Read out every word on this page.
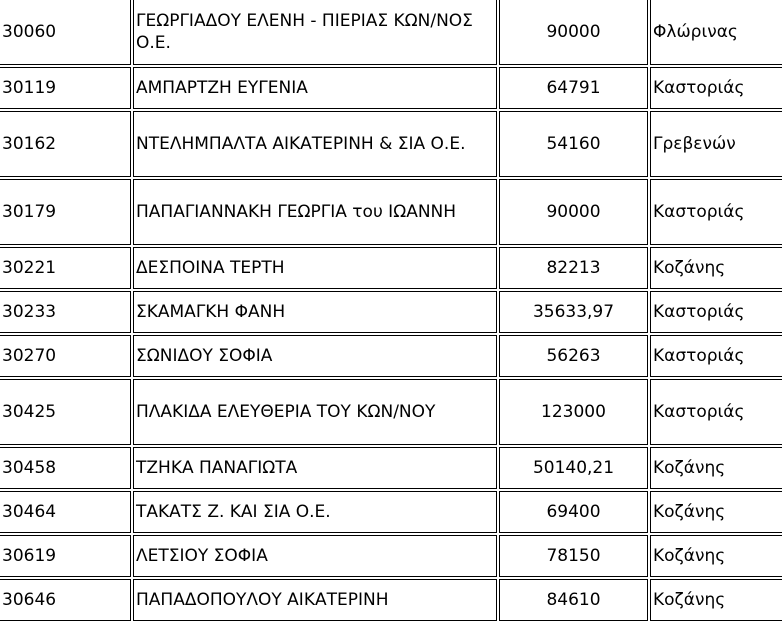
30060	ΓΕΩΡΓΙΑΔΟΥ ΕΛΕΝΗ - ΠΙΕΡΙΑΣ ΚΩΝ/ΝΟΣ Ο.Ε.	90000	Φλώρινας
30119	ΑΜΠΑΡΤΖΗ ΕΥΓΕΝΙΑ	64791	Καστοριάς
30162	ΝΤΕΛΗΜΠΑΛΤΑ ΑΙΚΑΤΕΡΙΝΗ & ΣΙΑ Ο.Ε.	54160	Γρεβενών
30179	ΠΑΠΑΓΙΑΝΝΑΚΗ ΓΕΩΡΓΙΑ του ΙΩΑΝΝΗ	90000	Καστοριάς
30221	ΔΕΣΠΟΙΝΑ ΤΕΡΤΗ	82213	Κοζάνης
30233	ΣΚΑΜΑΓΚΗ ΦΑΝΗ	35633,97	Καστοριάς
30270	ΣΩΝΙΔΟΥ ΣΟΦΙΑ	56263	Καστοριάς
30425	ΠΛΑΚΙΔΑ ΕΛΕΥΘΕΡΙΑ ΤΟΥ ΚΩΝ/ΝΟΥ	123000	Καστοριάς
30458	ΤΖΗΚΑ ΠΑΝΑΓΙΩΤΑ	50140,21	Κοζάνης
30464	ΤΑΚΑΤΣ Ζ. ΚΑΙ ΣΙΑ Ο.Ε.	69400	Κοζάνης
30619	ΛΕΤΣΙΟΥ ΣΟΦΙΑ	78150	Κοζάνης
30646	ΠΑΠΑΔΟΠΟΥΛΟΥ ΑΙΚΑΤΕΡΙΝΗ	84610	Κοζάνης
